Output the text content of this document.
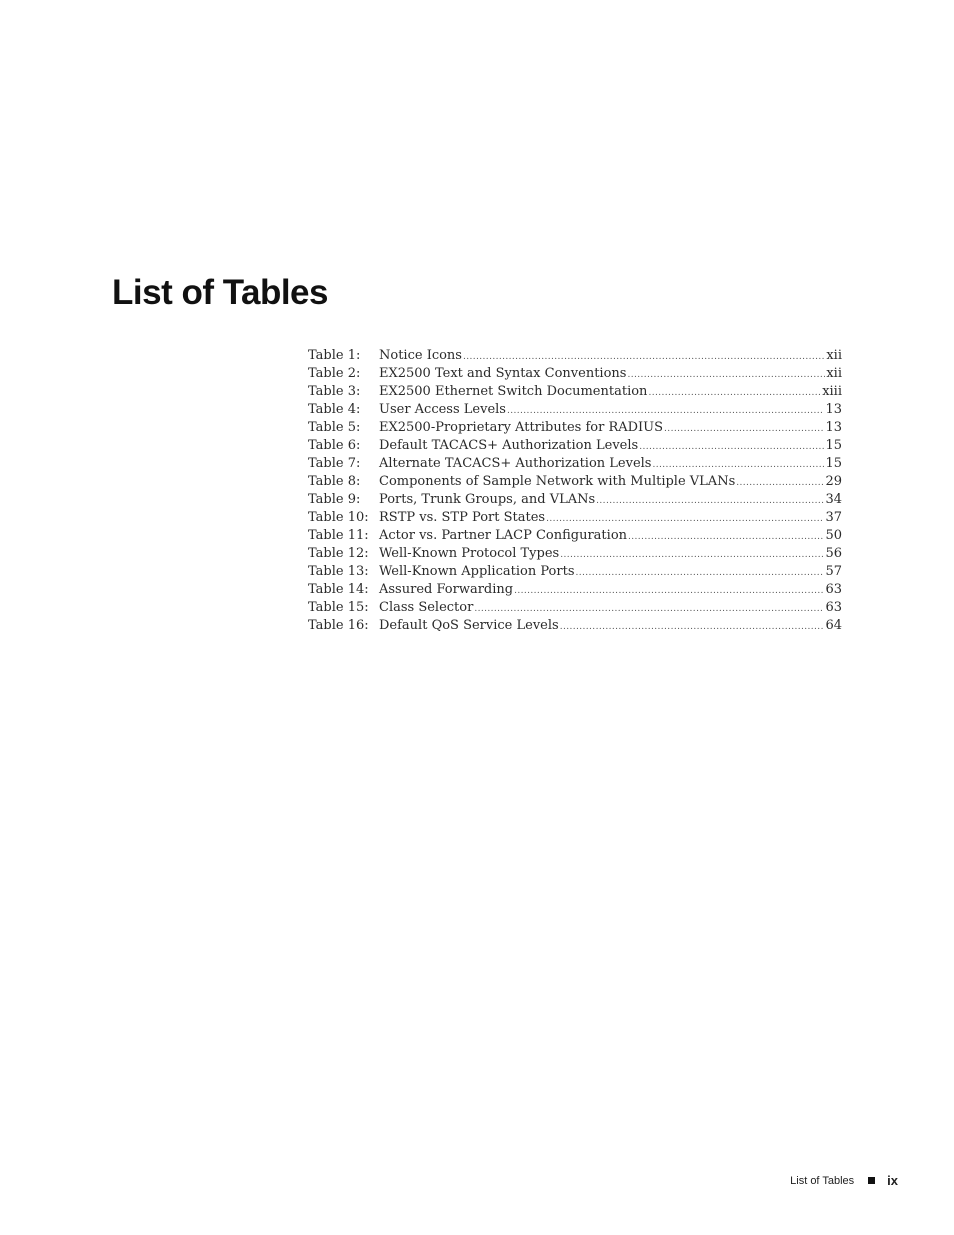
List of Tables
Table 1:	Notice Icons .....	xii
Table 2:	EX2500 Text and Syntax Conventions .....	xii
Table 3:	EX2500 Ethernet Switch Documentation .....	xiii
Table 4:	User Access Levels .....	13
Table 5:	EX2500-Proprietary Attributes for RADIUS .....	13
Table 6:	Default TACACS+ Authorization Levels .....	15
Table 7:	Alternate TACACS+ Authorization Levels .....	15
Table 8:	Components of Sample Network with Multiple VLANs .....	29
Table 9:	Ports, Trunk Groups, and VLANs .....	34
Table 10: RSTP vs. STP Port States .....	37
Table 11: Actor vs. Partner LACP Configuration .....	50
Table 12: Well-Known Protocol Types .....	56
Table 13: Well-Known Application Ports .....	57
Table 14: Assured Forwarding .....	63
Table 15: Class Selector .....	63
Table 16: Default QoS Service Levels .....	64
List of Tables	ix
